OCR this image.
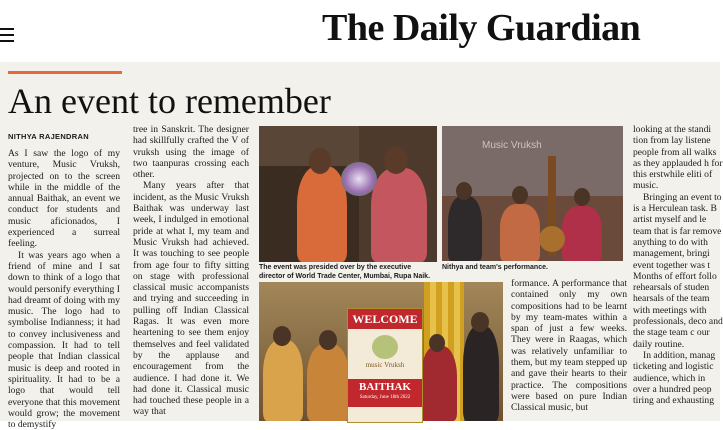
The Daily Guardian
An event to remember
NITHYA RAJENDRAN

As I saw the logo of my venture, Music Vruksh, projected on to the screen while in the middle of the annual Baithak, an event we conduct for students and music aficionados, I experienced a surreal feeling.

It was years ago when a friend of mine and I sat down to think of a logo that would personify everything I had dreamt of doing with my music. The logo had to symbolise Indianness; it had to convey inclusiveness and compassion. It had to tell people that Indian classical music is deep and rooted in spirituality. It had to be a logo that would tell everyone that this movement would grow; the movement to demystify

tree in Sanskrit. The designer had skillfully crafted the V of vruksh using the image of two taanpuras crossing each other.

Many years after that incident, as the Music Vruksh Baithak was underway last week, I indulged in emotional pride at what I, my team and Music Vruksh had achieved. It was touching to see people from age four to fifty sitting on stage with professional classical music accompanists and trying and succeeding in pulling off Indian Classical Ragas. It was even more heartening to see them enjoy themselves and feel validated by the applause and encouragement from the audience. I had done it. We had done it. Classical music had touched these people in a way that

The event was presided over by the executive director of World Trade Center, Mumbai, Rupa Naik.
Music Vruksh
Nithya and team's performance.
WELCOME
music Vruksh
BAITHAK
Saturday, June 18th 2022

formance. A performance that contained only my own compositions had to be learnt by my team-mates within a span of just a few weeks. They were in Raagas, which was relatively unfamiliar to them, but my team stepped up and gave their hearts to their practice. The compositions were based on pure Indian Classical music, but

looking at the standi tion from lay listene people from all walks as they applauded h for this erstwhile eliti of music.

Bringing an event to is a Herculean task. B artist myself and le team that is far remove anything to do with management, bringi event together was t Months of effort follo rehearsals of studen hearsals of the team with meetings with professionals, deco and the stage team c our daily routine.

In addition, manag ticketing and logistic audience, which in over a hundred peop tiring and exhausting
